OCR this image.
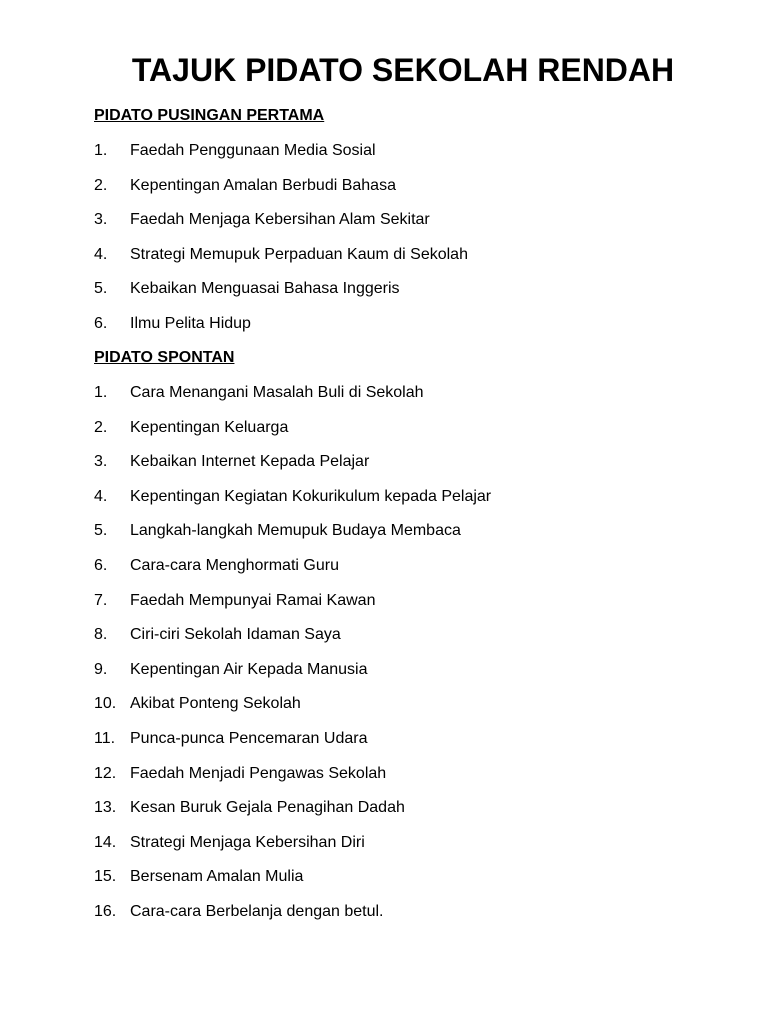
TAJUK PIDATO SEKOLAH RENDAH
PIDATO PUSINGAN PERTAMA
1. Faedah Penggunaan Media Sosial
2. Kepentingan Amalan Berbudi Bahasa
3. Faedah Menjaga Kebersihan Alam Sekitar
4. Strategi Memupuk Perpaduan Kaum di Sekolah
5. Kebaikan Menguasai Bahasa Inggeris
6. Ilmu Pelita Hidup
PIDATO SPONTAN
1. Cara Menangani Masalah Buli di Sekolah
2. Kepentingan Keluarga
3. Kebaikan Internet Kepada Pelajar
4. Kepentingan Kegiatan Kokurikulum kepada Pelajar
5. Langkah-langkah Memupuk Budaya Membaca
6. Cara-cara Menghormati Guru
7. Faedah Mempunyai Ramai Kawan
8. Ciri-ciri Sekolah Idaman Saya
9. Kepentingan Air Kepada Manusia
10. Akibat Ponteng Sekolah
11. Punca-punca Pencemaran Udara
12. Faedah Menjadi Pengawas Sekolah
13. Kesan Buruk Gejala Penagihan Dadah
14. Strategi Menjaga Kebersihan Diri
15. Bersenam Amalan Mulia
16. Cara-cara Berbelanja dengan betul.
